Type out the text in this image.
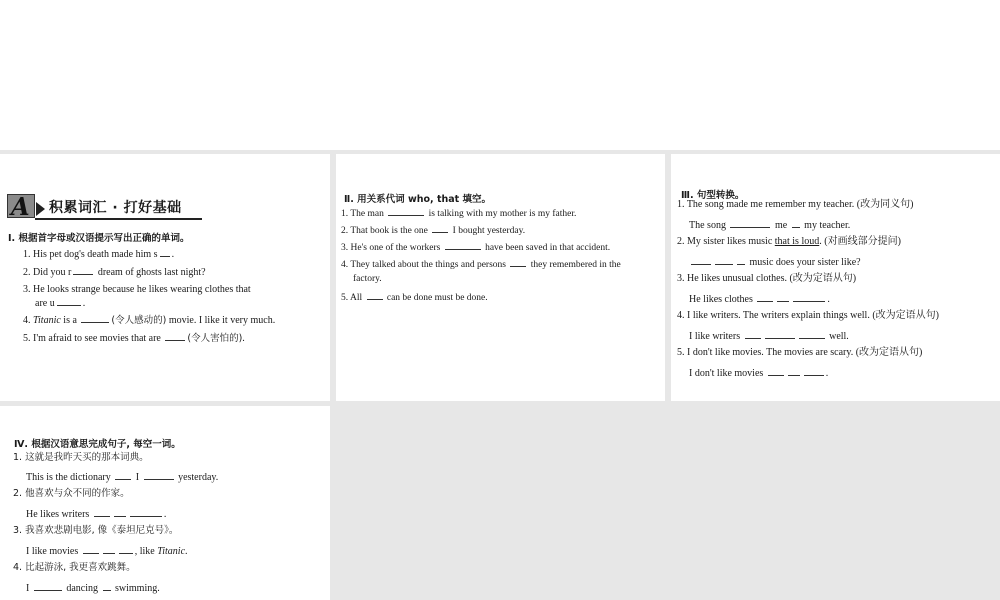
A 积累词汇 · 打好基础
Ⅰ. 根据首字母或汉语提示写出正确的单词。
1. His pet dog's death made him s .
2. Did you r dream of ghosts last night?
3. He looks strange because he likes wearing clothes that
are u	.
4. Titanic is a	(令人感动的) movie. I like it very much.
5. I'm afraid to see movies that are	(令人害怕的).
Ⅱ. 用关系代词 who, that 填空。
1. The man	is talking with my mother is my father.
2. That book is the one  I bought yesterday.
3. He's one of the workers	have been saved in that accident.
4. They talked about the things and persons  they remembered in the
factory.
5. All  can be done must be done.
Ⅲ. 句型转换。
1. The song made me remember my teacher. (改为同义句)
The song	me  my teacher.
2. My sister likes music that is loud. (对画线部分提问)
music does your sister like?
3. He likes unusual clothes. (改为定语从句)
He likes clothes	.
4. I like writers. The writers explain things well. (改为定语从句)
I like writers	well.
5. I don't like movies. The movies are scary. (改为定语从句)
I don't like movies	.
Ⅳ. 根据汉语意思完成句子, 每空一词。
1. 这就是我昨天买的那本词典。
This is the dictionary  I	yesterday.
2. 他喜欢与众不同的作家。
He likes writers	.
3. 我喜欢悲剧电影, 像《泰坦尼克号》。
I like movies	, like Titanic.
4. 比起游泳, 我更喜欢跳舞。
I	dancing  swimming.
